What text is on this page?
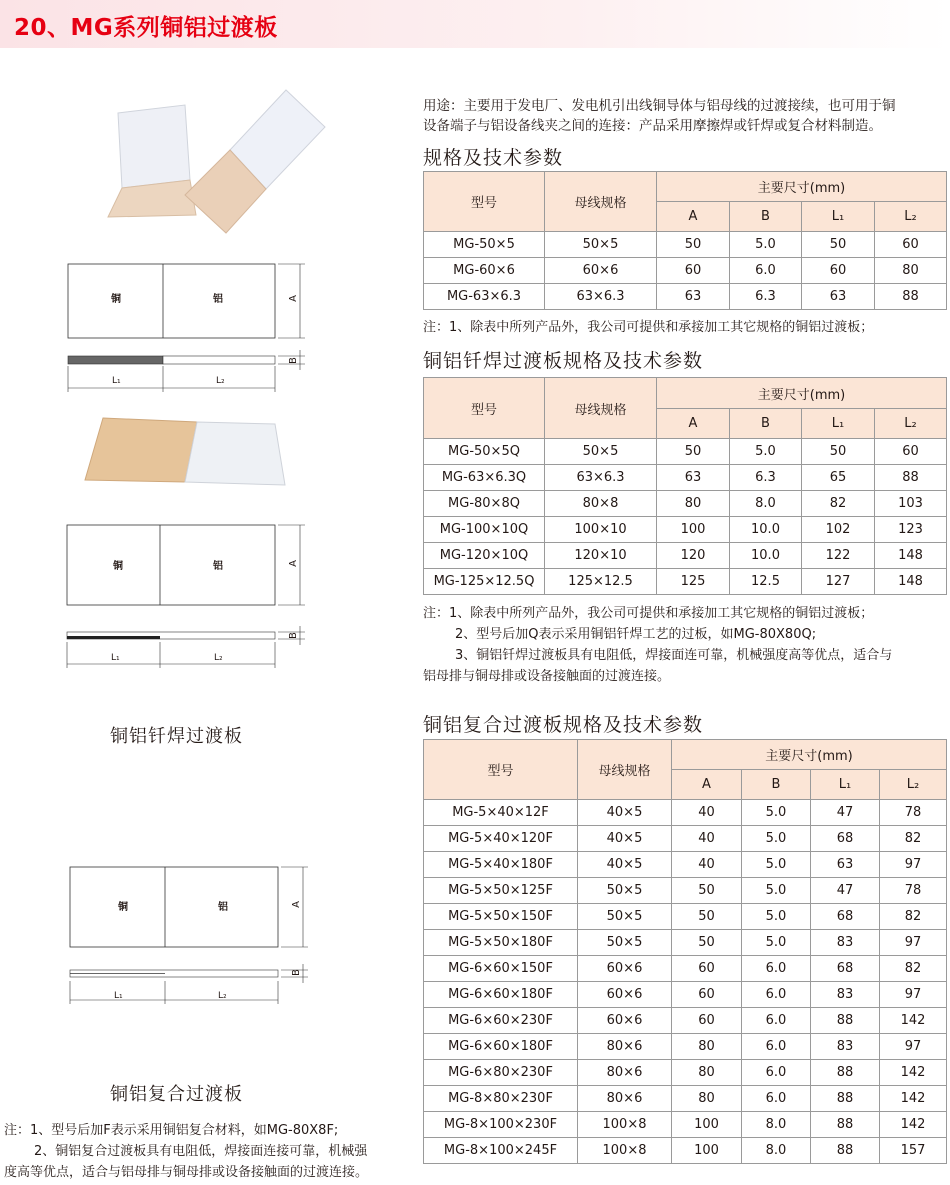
20、MG系列铜铝过渡板
铜	铝	A
B
L₁	L₂
铜	铝	A
B
L₁	L₂
铜铝钎焊过渡板
铜	铝	A
B
L₁	L₂
铜铝复合过渡板
注：1、型号后加F表示采用铜铝复合材料，如MG-80X8F;
2、铜铝复合过渡板具有电阻低，焊接面连接可靠，机械强
度高等优点，适合与铝母排与铜母排或设备接触面的过渡连接。
用途：主要用于发电厂、发电机引出线铜导体与铝母线的过渡接续，也可用于铜
设备端子与铝设备线夹之间的连接：产品采用摩擦焊或钎焊或复合材料制造。
规格及技术参数
型号	母线规格	主要尺寸(mm)			
		A	B	L₁	L₂
MG-50×5	50×5	50	5.0	50	60
MG-60×6	60×6	60	6.0	60	80
MG-63×6.3	63×6.3	63	6.3	63	88
注：1、除表中所列产品外，我公司可提供和承接加工其它规格的铜铝过渡板；
铜铝钎焊过渡板规格及技术参数
型号	母线规格	主要尺寸(mm)			
		A	B	L₁	L₂
MG-50×5Q	50×5	50	5.0	50	60
MG-63×6.3Q	63×6.3	63	6.3	65	88
MG-80×8Q	80×8	80	8.0	82	103
MG-100×10Q	100×10	100	10.0	102	123
MG-120×10Q	120×10	120	10.0	122	148
MG-125×12.5Q	125×12.5	125	12.5	127	148
注：1、除表中所列产品外，我公司可提供和承接加工其它规格的铜铝过渡板；
2、型号后加Q表示采用铜铝钎焊工艺的过板，如MG-80X80Q;
3、铜铝钎焊过渡板具有电阻低，焊接面连可靠，机械强度高等优点，适合与
铝母排与铜母排或设备接触面的过渡连接。
铜铝复合过渡板规格及技术参数
型号	母线规格	主要尺寸(mm)			
		A	B	L₁	L₂
MG-5×40×12F	40×5	40	5.0	47	78
MG-5×40×120F	40×5	40	5.0	68	82
MG-5×40×180F	40×5	40	5.0	63	97
MG-5×50×125F	50×5	50	5.0	47	78
MG-5×50×150F	50×5	50	5.0	68	82
MG-5×50×180F	50×5	50	5.0	83	97
MG-6×60×150F	60×6	60	6.0	68	82
MG-6×60×180F	60×6	60	6.0	83	97
MG-6×60×230F	60×6	60	6.0	88	142
MG-6×60×180F	80×6	80	6.0	83	97
MG-6×80×230F	80×6	80	6.0	88	142
MG-8×80×230F	80×6	80	6.0	88	142
MG-8×100×230F	100×8	100	8.0	88	142
MG-8×100×245F	100×8	100	8.0	88	157
